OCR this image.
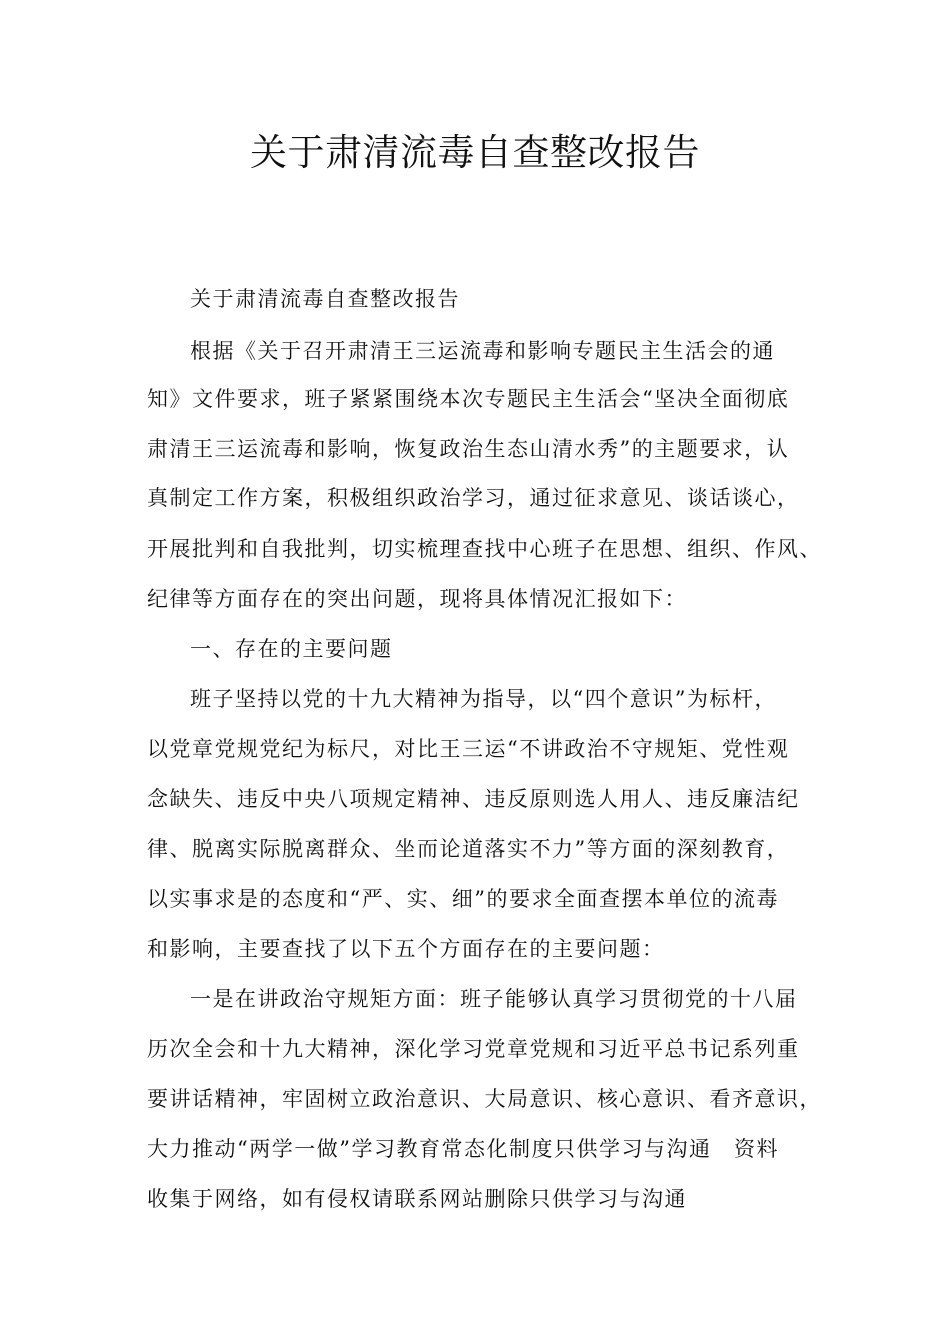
关于肃清流毒自查整改报告
关于肃清流毒自查整改报告
根据《关于召开肃清王三运流毒和影响专题民主生活会的通
知》文件要求，班子紧紧围绕本次专题民主生活会“坚决全面彻底
肃清王三运流毒和影响，恢复政治生态山清水秀”的主题要求，认
真制定工作方案，积极组织政治学习，通过征求意见、谈话谈心，
开展批判和自我批判，切实梳理查找中心班子在思想、组织、作风、
纪律等方面存在的突出问题，现将具体情况汇报如下：
一、存在的主要问题
班子坚持以党的十九大精神为指导，以“四个意识”为标杆，
以党章党规党纪为标尺，对比王三运“不讲政治不守规矩、党性观
念缺失、违反中央八项规定精神、违反原则选人用人、违反廉洁纪
律、脱离实际脱离群众、坐而论道落实不力”等方面的深刻教育，
以实事求是的态度和“严、实、细”的要求全面查摆本单位的流毒
和影响，主要查找了以下五个方面存在的主要问题：
一是在讲政治守规矩方面：班子能够认真学习贯彻党的十八届
历次全会和十九大精神，深化学习党章党规和习近平总书记系列重
要讲话精神，牢固树立政治意识、大局意识、核心意识、看齐意识，
大力推动“两学一做”学习教育常态化制度只供学习与沟通　资料
收集于网络，如有侵权请联系网站删除只供学习与沟通
